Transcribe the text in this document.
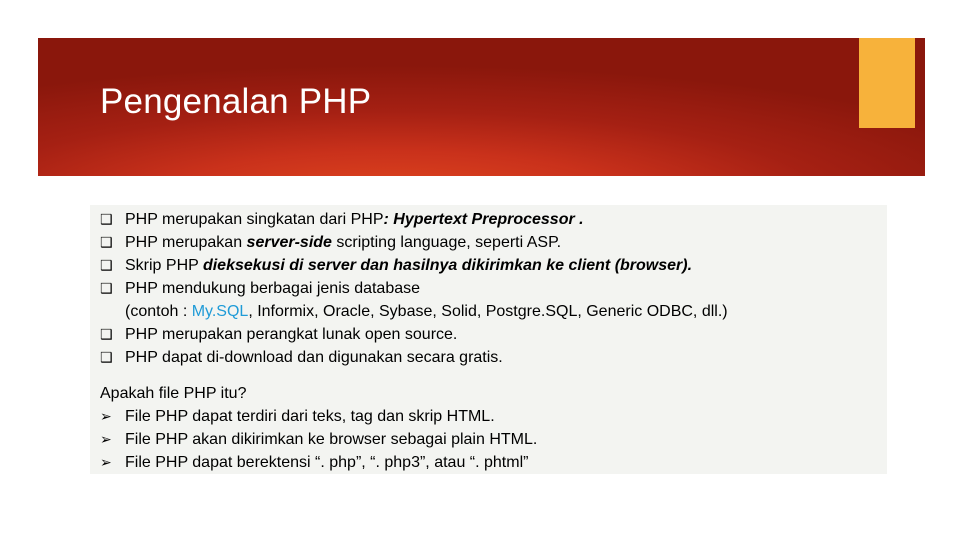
Pengenalan PHP
❑ PHP merupakan singkatan dari PHP: Hypertext Preprocessor .
❑ PHP merupakan server-side scripting language, seperti ASP.
❑ Skrip PHP dieksekusi di server dan hasilnya dikirimkan ke client (browser).
❑ PHP mendukung berbagai jenis database
(contoh : My.SQL, Informix, Oracle, Sybase, Solid, Postgre.SQL, Generic ODBC, dll.)
❑ PHP merupakan perangkat lunak open source.
❑ PHP dapat di-download dan digunakan secara gratis.
Apakah file PHP itu?
➢ File PHP dapat terdiri dari teks, tag dan skrip HTML.
➢ File PHP akan dikirimkan ke browser sebagai plain HTML.
➢ File PHP dapat berektensi “. php”, “. php3”, atau “. phtml”
